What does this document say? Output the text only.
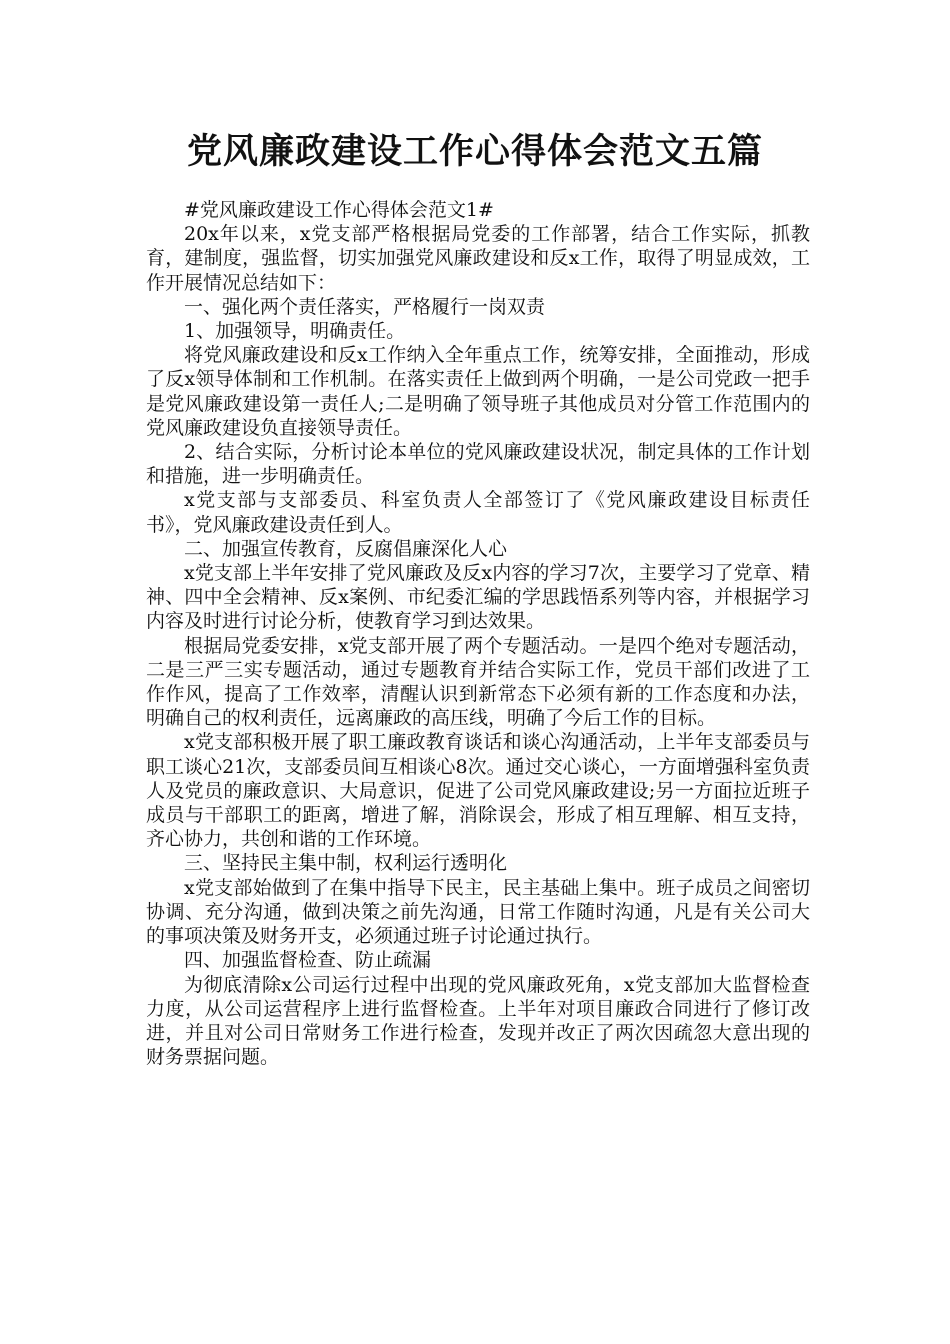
党风廉政建设工作心得体会范文五篇

#党风廉政建设工作心得体会范文1#

20x年以来，x党支部严格根据局党委的工作部署，结合工作实际，抓教育，建制度，强监督，切实加强党风廉政建设和反x工作，取得了明显成效，工作开展情况总结如下：

一、强化两个责任落实，严格履行一岗双责

1、加强领导，明确责任。

将党风廉政建设和反x工作纳入全年重点工作，统筹安排，全面推动，形成了反x领导体制和工作机制。在落实责任上做到两个明确，一是公司党政一把手是党风廉政建设第一责任人;二是明确了领导班子其他成员对分管工作范围内的党风廉政建设负直接领导责任。

2、结合实际，分析讨论本单位的党风廉政建设状况，制定具体的工作计划和措施，进一步明确责任。

x党支部与支部委员、科室负责人全部签订了《党风廉政建设目标责任书》，党风廉政建设责任到人。

二、加强宣传教育，反腐倡廉深化人心

x党支部上半年安排了党风廉政及反x内容的学习7次，主要学习了党章、精神、四中全会精神、反x案例、市纪委汇编的学思践悟系列等内容，并根据学习内容及时进行讨论分析，使教育学习到达效果。

根据局党委安排，x党支部开展了两个专题活动。一是四个绝对专题活动，二是三严三实专题活动，通过专题教育并结合实际工作，党员干部们改进了工作作风，提高了工作效率，清醒认识到新常态下必须有新的工作态度和办法，明确自己的权利责任，远离廉政的高压线，明确了今后工作的目标。

x党支部积极开展了职工廉政教育谈话和谈心沟通活动，上半年支部委员与职工谈心21次，支部委员间互相谈心8次。通过交心谈心，一方面增强科室负责人及党员的廉政意识、大局意识，促进了公司党风廉政建设;另一方面拉近班子成员与干部职工的距离，增进了解，消除误会，形成了相互理解、相互支持，齐心协力，共创和谐的工作环境。

三、坚持民主集中制，权利运行透明化

x党支部始做到了在集中指导下民主，民主基础上集中。班子成员之间密切协调、充分沟通，做到决策之前先沟通，日常工作随时沟通，凡是有关公司大的事项决策及财务开支，必须通过班子讨论通过执行。

四、加强监督检查、防止疏漏

为彻底清除x公司运行过程中出现的党风廉政死角，x党支部加大监督检查力度，从公司运营程序上进行监督检查。上半年对项目廉政合同进行了修订改进，并且对公司日常财务工作进行检查，发现并改正了两次因疏忽大意出现的财务票据问题。
